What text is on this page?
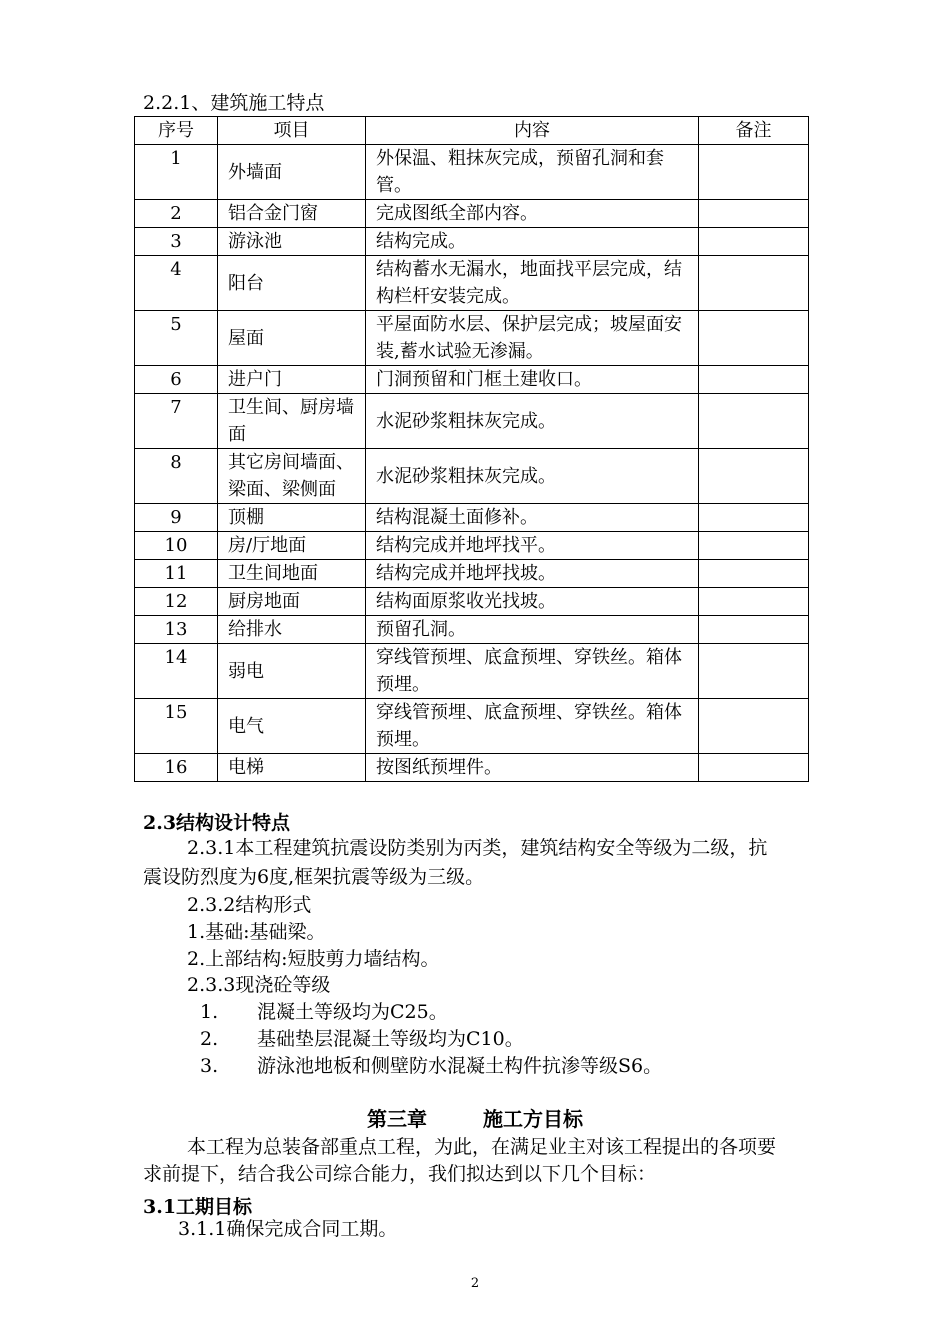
2.2.1、建筑施工特点
序号	项目	内容	备注
1	外墙面	外保温、粗抹灰完成，预留孔洞和套管。	
2	铝合金门窗	完成图纸全部内容。	
3	游泳池	结构完成。	
4	阳台	结构蓄水无漏水，地面找平层完成，结构栏杆安装完成。	
5	屋面	平屋面防水层、保护层完成；坡屋面安装,蓄水试验无渗漏。	
6	进户门	门洞预留和门框土建收口。	
7	卫生间、厨房墙面	水泥砂浆粗抹灰完成。	
8	其它房间墙面、梁面、梁侧面	水泥砂浆粗抹灰完成。	
9	顶棚	结构混凝土面修补。	
10	房/厅地面	结构完成并地坪找平。	
11	卫生间地面	结构完成并地坪找坡。	
12	厨房地面	结构面原浆收光找坡。	
13	给排水	预留孔洞。	
14	弱电	穿线管预埋、底盒预埋、穿铁丝。箱体预埋。	
15	电气	穿线管预埋、底盒预埋、穿铁丝。箱体预埋。	
16	电梯	按图纸预埋件。	
2.3结构设计特点
2.3.1本工程建筑抗震设防类别为丙类，建筑结构安全等级为二级，抗
震设防烈度为6度,框架抗震等级为三级。
2.3.2结构形式
1.基础:基础梁。
2.上部结构:短肢剪力墙结构。
2.3.3现浇砼等级
1. 混凝土等级均为C25。
2. 基础垫层混凝土等级均为C10。
3. 游泳池地板和侧壁防水混凝土构件抗渗等级S6。
第三章	施工方目标
本工程为总装备部重点工程，为此，在满足业主对该工程提出的各项要
求前提下，结合我公司综合能力，我们拟达到以下几个目标：
3.1工期目标
3.1.1确保完成合同工期。
2
